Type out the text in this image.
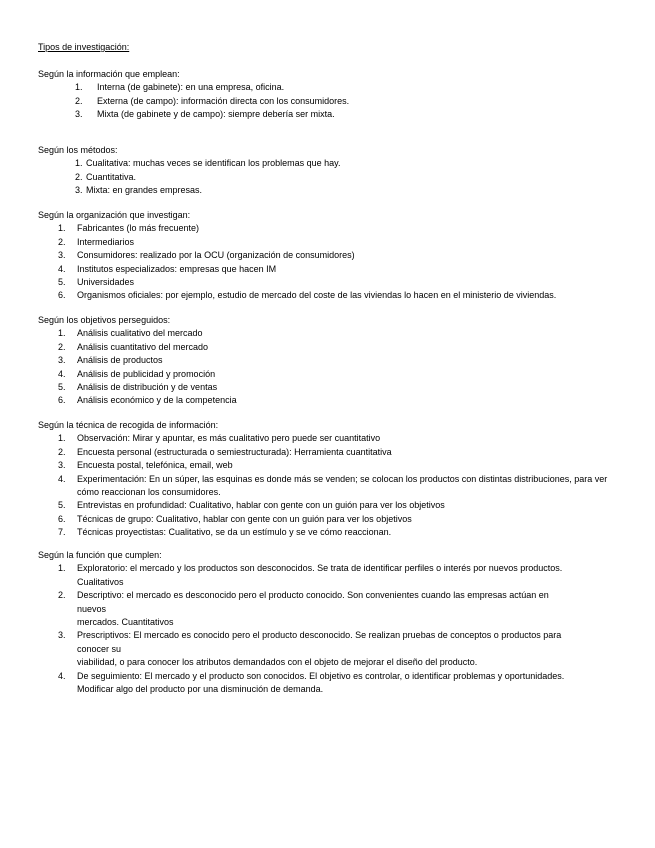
Tipos de investigación:
Según la información que emplean:
1.	Interna (de gabinete): en una empresa, oficina.
2.	Externa (de campo): información directa con los consumidores.
3.	Mixta (de gabinete y de campo): siempre debería ser mixta.
Según los métodos:
1. Cualitativa: muchas veces se identifican los problemas que hay.
2. Cuantitativa.
3. Mixta: en grandes empresas.
Según la organización que investigan:
1. Fabricantes (lo más frecuente)
2. Intermediarios
3. Consumidores: realizado por la OCU (organización de consumidores)
4. Institutos especializados: empresas que hacen IM
5. Universidades
6. Organismos oficiales: por ejemplo, estudio de mercado del coste de las viviendas lo hacen en el ministerio de viviendas.
Según los objetivos perseguidos:
1. Análisis cualitativo del mercado
2. Análisis cuantitativo del mercado
3. Análisis de productos
4. Análisis de publicidad y promoción
5. Análisis de distribución y de ventas
6. Análisis económico y de la competencia
Según la técnica de recogida de información:
1. Observación: Mirar y apuntar, es más cualitativo pero puede ser cuantitativo
2. Encuesta personal (estructurada o semiestructurada): Herramienta cuantitativa
3. Encuesta postal, telefónica, email, web
4. Experimentación: En un súper, las esquinas es donde más se venden; se colocan los productos con distintas distribuciones, para ver cómo reaccionan los consumidores.
5. Entrevistas en profundidad: Cualitativo, hablar con gente con un guión para ver los objetivos
6. Técnicas de grupo: Cualitativo, hablar con gente con un guión para ver los objetivos
7. Técnicas proyectistas: Cualitativo, se da un estímulo y se ve cómo reaccionan.
Según la función que cumplen:
1. Exploratorio: el mercado y los productos son desconocidos. Se trata de identificar perfiles o interés por nuevos productos.
Cualitativos
2. Descriptivo: el mercado es desconocido pero el producto conocido. Son convenientes cuando las empresas actúan en
nuevos
mercados. Cuantitativos
3. Prescriptivos: El mercado es conocido pero el producto desconocido. Se realizan pruebas de conceptos o productos para
conocer su
viabilidad, o para conocer los atributos demandados con el objeto de mejorar el diseño del producto.
4. De seguimiento: El mercado y el producto son conocidos. El objetivo es controlar, o identificar problemas y oportunidades.
Modificar algo del producto por una disminución de demanda.
